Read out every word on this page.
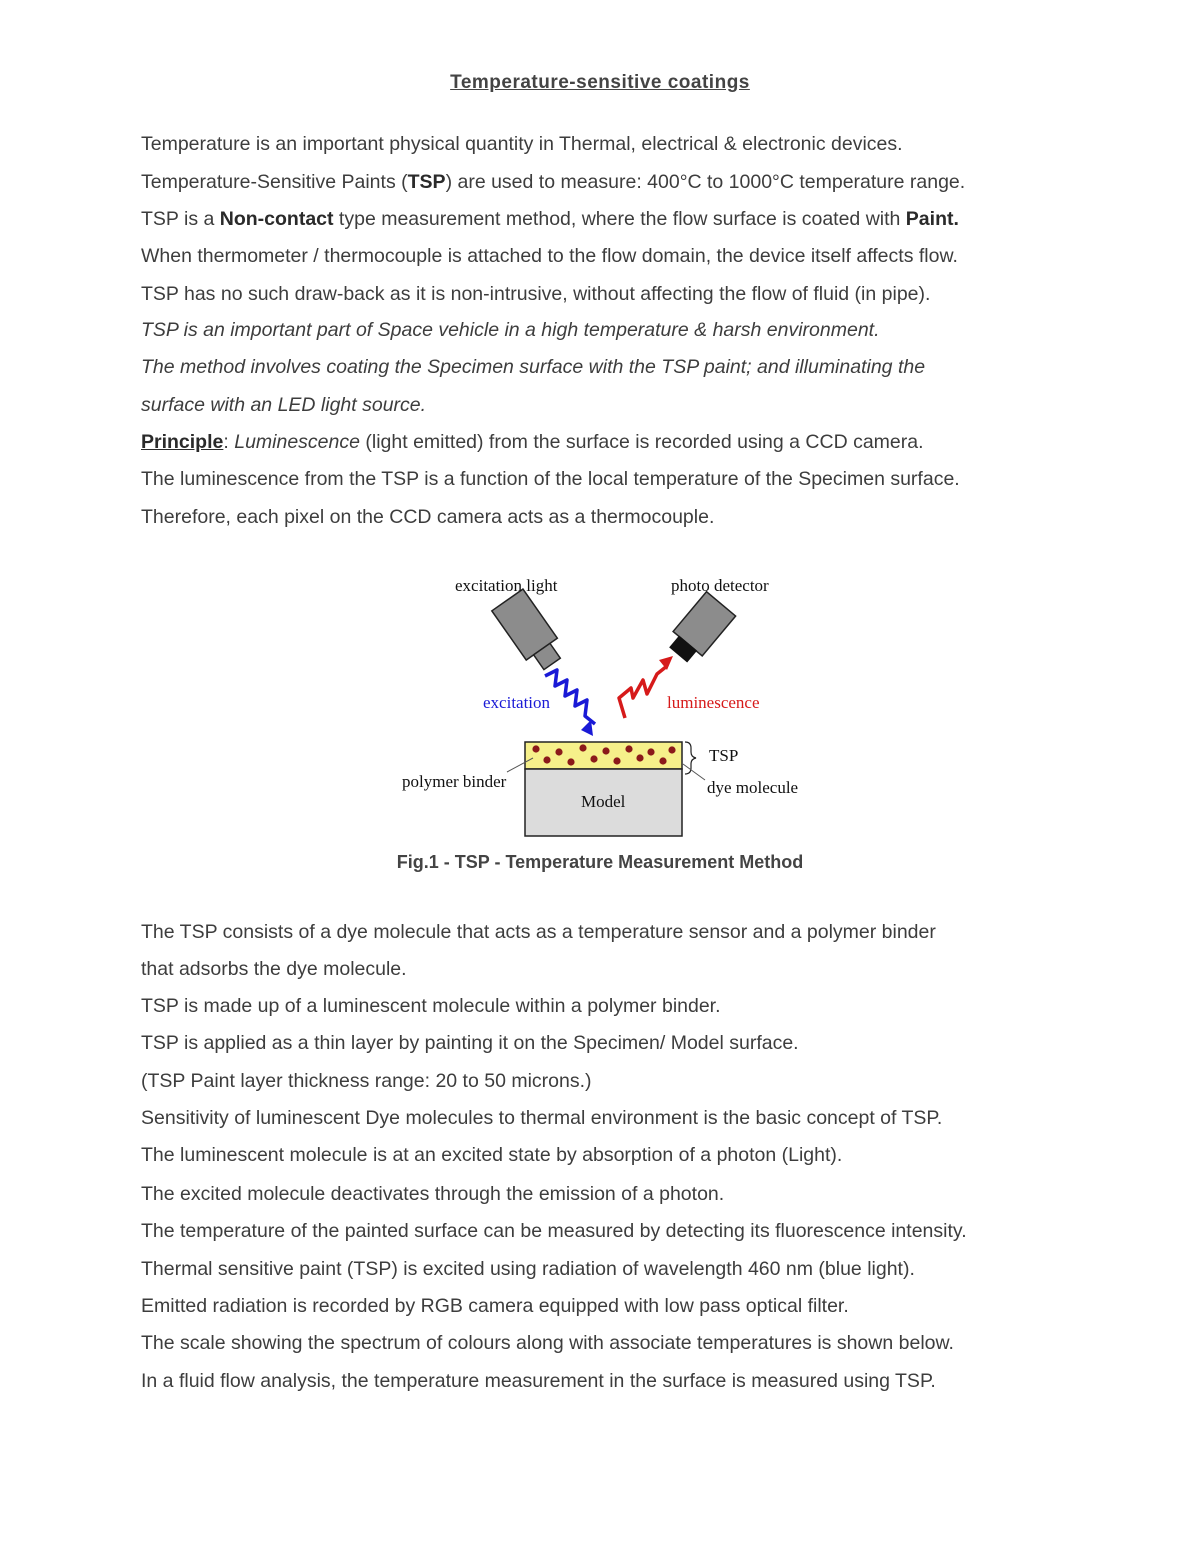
Temperature-sensitive coatings
Temperature is an important physical quantity in Thermal, electrical & electronic devices.
Temperature-Sensitive Paints (TSP) are used to measure: 400°C to 1000°C temperature range.
TSP is a Non-contact type measurement method, where the flow surface is coated with Paint.
When thermometer / thermocouple is attached to the flow domain, the device itself affects flow.
TSP has no such draw-back as it is non-intrusive, without affecting the flow of fluid (in pipe).
TSP is an important part of Space vehicle in a high temperature & harsh environment.
The method involves coating the Specimen surface with the TSP paint; and illuminating the
surface with an LED light source.
Principle: Luminescence (light emitted) from the surface is recorded using a CCD camera.
The luminescence from the TSP is a function of the local temperature of the Specimen surface.
Therefore, each pixel on the CCD camera acts as a thermocouple.
excitation light	photo detector
excitation	luminescence
TSP
polymer binder	dye molecule
Model
Fig.1 - TSP - Temperature Measurement Method
The TSP consists of a dye molecule that acts as a temperature sensor and a polymer binder
that adsorbs the dye molecule.
TSP is made up of a luminescent molecule within a polymer binder.
TSP is applied as a thin layer by painting it on the Specimen/ Model surface.
(TSP Paint layer thickness range: 20 to 50 microns.)
Sensitivity of luminescent Dye molecules to thermal environment is the basic concept of TSP.
The luminescent molecule is at an excited state by absorption of a photon (Light).
The excited molecule deactivates through the emission of a photon.
The temperature of the painted surface can be measured by detecting its fluorescence intensity.
Thermal sensitive paint (TSP) is excited using radiation of wavelength 460 nm (blue light).
Emitted radiation is recorded by RGB camera equipped with low pass optical filter.
The scale showing the spectrum of colours along with associate temperatures is shown below.
In a fluid flow analysis, the temperature measurement in the surface is measured using TSP.
